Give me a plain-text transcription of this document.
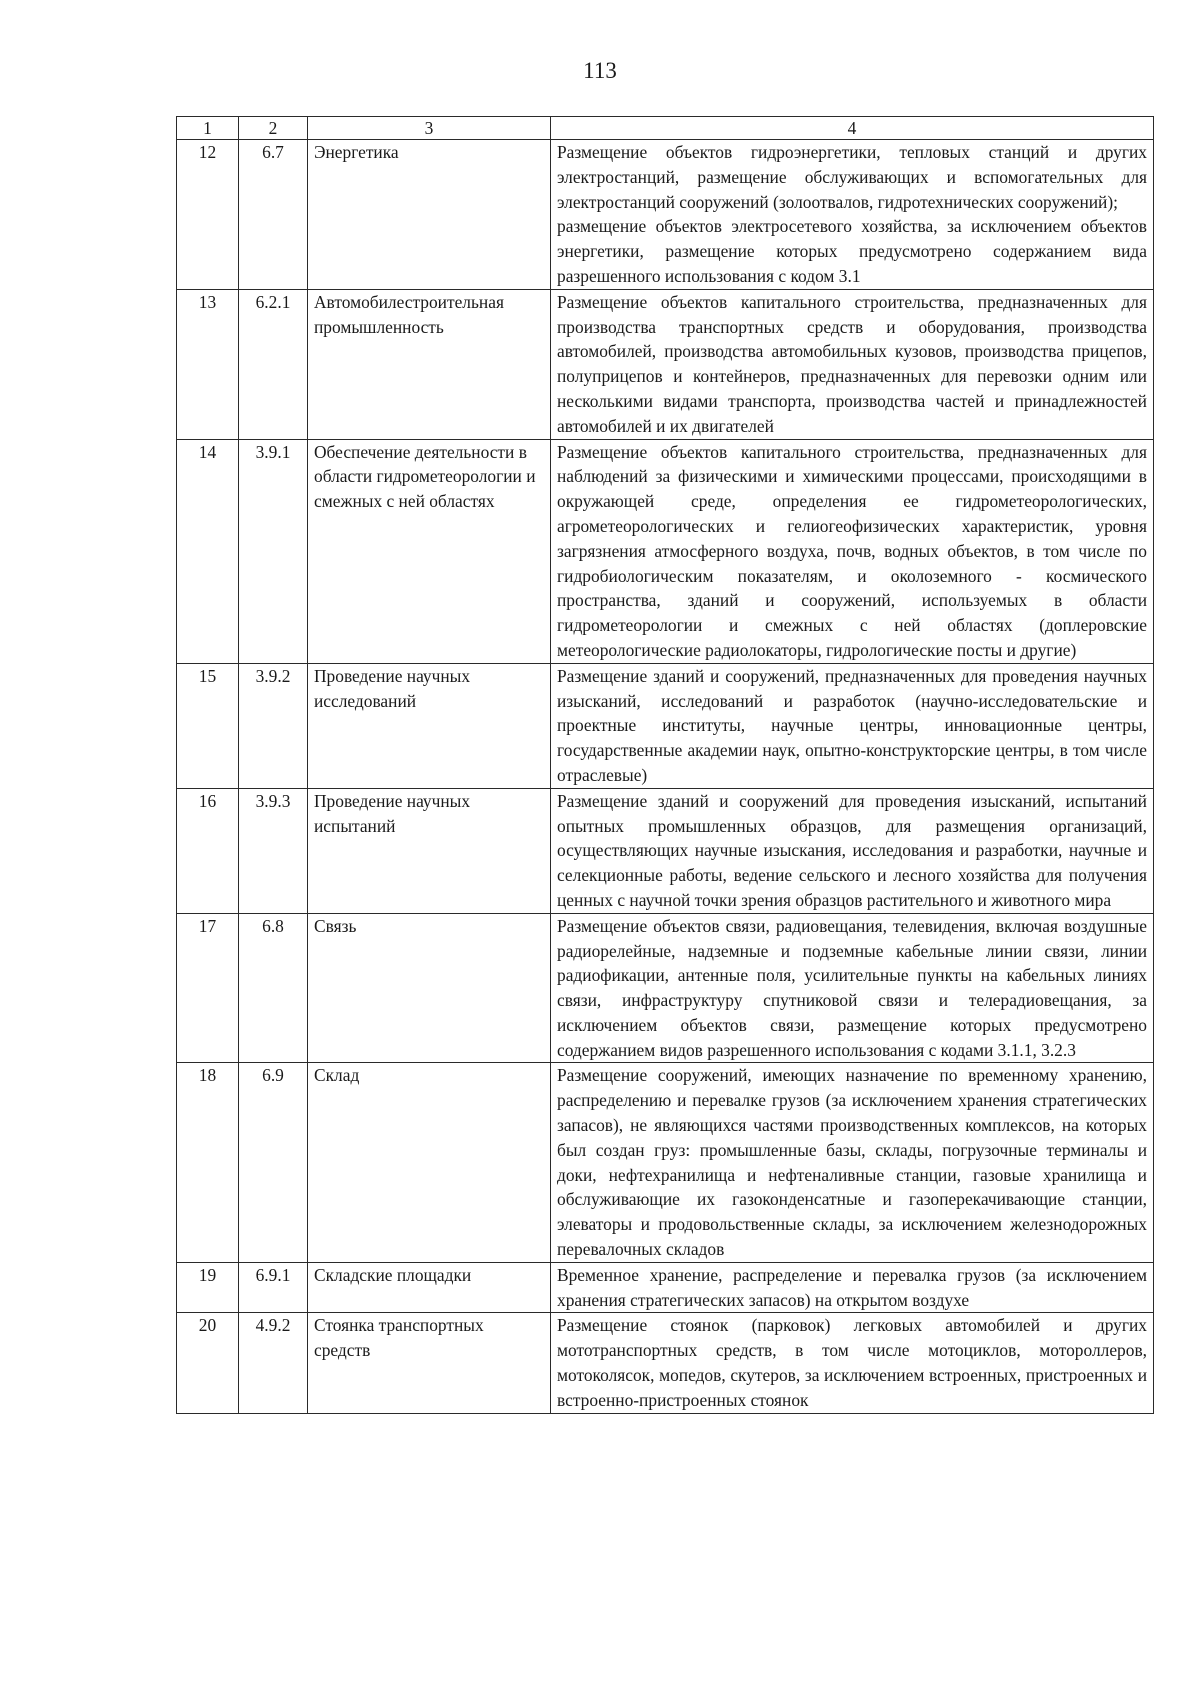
113
1	2	3	4
12	6.7	Энергетика	Размещение объектов гидроэнергетики, тепловых станций и других электростанций, размещение обслуживающих и вспомогательных для электростанций сооружений (золоотвалов, гидротехнических сооружений);
размещение объектов электросетевого хозяйства, за исключением объектов энергетики, размещение которых предусмотрено содержанием вида разрешенного использования с кодом 3.1

13	6.2.1	Автомобилестроительная промышленность	Размещение объектов капитального строительства, предназначенных для производства транспортных средств и оборудования, производства автомобилей, производства автомобильных кузовов, производства прицепов, полуприцепов и контейнеров, предназначенных для перевозки одним или несколькими видами транспорта, производства частей и принадлежностей автомобилей и их двигателей

14	3.9.1	Обеспечение деятельности в области гидрометеорологии и смежных с ней областях	Размещение объектов капитального строительства, предназначенных для наблюдений за физическими и химическими процессами, происходящими в окружающей среде, определения ее гидрометеорологических, агрометеорологических и гелиогеофизических характеристик, уровня загрязнения атмосферного воздуха, почв, водных объектов, в том числе по гидробиологическим показателям, и околоземного - космического пространства, зданий и сооружений, используемых в области гидрометеорологии и смежных с ней областях (доплеровские метеорологические радиолокаторы, гидрологические посты и другие)

15	3.9.2	Проведение научных исследований	Размещение зданий и сооружений, предназначенных для проведения научных изысканий, исследований и разработок (научно-исследовательские и проектные институты, научные центры, инновационные центры, государственные академии наук, опытно-конструкторские центры, в том числе отраслевые)

16	3.9.3	Проведение научных испытаний	Размещение зданий и сооружений для проведения изысканий, испытаний опытных промышленных образцов, для размещения организаций, осуществляющих научные изыскания, исследования и разработки, научные и селекционные работы, ведение сельского и лесного хозяйства для получения ценных с научной точки зрения образцов растительного и животного мира

17	6.8	Связь	Размещение объектов связи, радиовещания, телевидения, включая воздушные радиорелейные, надземные и подземные кабельные линии связи, линии радиофикации, антенные поля, усилительные пункты на кабельных линиях связи, инфраструктуру спутниковой связи и телерадиовещания, за исключением объектов связи, размещение которых предусмотрено содержанием видов разрешенного использования с кодами 3.1.1, 3.2.3

18	6.9	Склад	Размещение сооружений, имеющих назначение по временному хранению, распределению и перевалке грузов (за исключением хранения стратегических запасов), не являющихся частями производственных комплексов, на которых был создан груз: промышленные базы, склады, погрузочные терминалы и доки, нефтехранилища и нефтеналивные станции, газовые хранилища и обслуживающие их газоконденсатные и газоперекачивающие станции, элеваторы и продовольственные склады, за исключением железнодорожных перевалочных складов

19	6.9.1	Складские площадки	Временное хранение, распределение и перевалка грузов (за исключением хранения стратегических запасов) на открытом воздухе

20	4.9.2	Стоянка транспортных средств	Размещение стоянок (парковок) легковых автомобилей и других мототранспортных средств, в том числе мотоциклов, мотороллеров, мотоколясок, мопедов, скутеров, за исключением встроенных, пристроенных и встроенно-пристроенных стоянок
